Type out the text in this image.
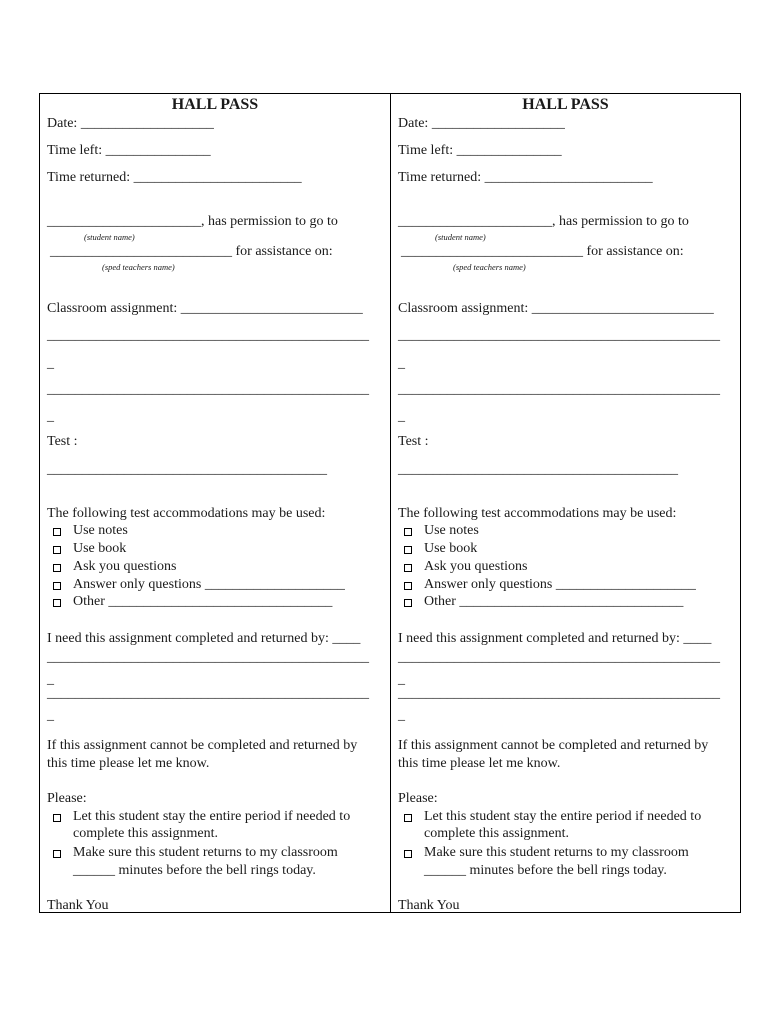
HALL PASS
Date: ___________________
Time left: _______________
Time returned: ________________________
______________________, has permission to go to
(student name)
__________________________ for assistance on:
(sped teachers name)
Classroom assignment: __________________________
______________________________________________
_
______________________________________________
_
Test :
________________________________________
The following test accommodations may be used:
Use notes
Use book
Ask you questions
Answer only questions ____________________
Other ________________________________
I need this assignment completed and returned by: ____
______________________________________________
_
______________________________________________
_
If this assignment cannot be completed and returned by
this time please let me know.
Please:
Let this student stay the entire period if needed to
complete this assignment.
Make sure this student returns to my classroom
______ minutes before the bell rings today.
Thank You
HALL PASS
Date: ___________________
Time left: _______________
Time returned: ________________________
______________________, has permission to go to
(student name)
__________________________ for assistance on:
(sped teachers name)
Classroom assignment: __________________________
______________________________________________
_
______________________________________________
_
Test :
________________________________________
The following test accommodations may be used:
Use notes
Use book
Ask you questions
Answer only questions ____________________
Other ________________________________
I need this assignment completed and returned by: ____
______________________________________________
_
______________________________________________
_
If this assignment cannot be completed and returned by
this time please let me know.
Please:
Let this student stay the entire period if needed to
complete this assignment.
Make sure this student returns to my classroom
______ minutes before the bell rings today.
Thank You
